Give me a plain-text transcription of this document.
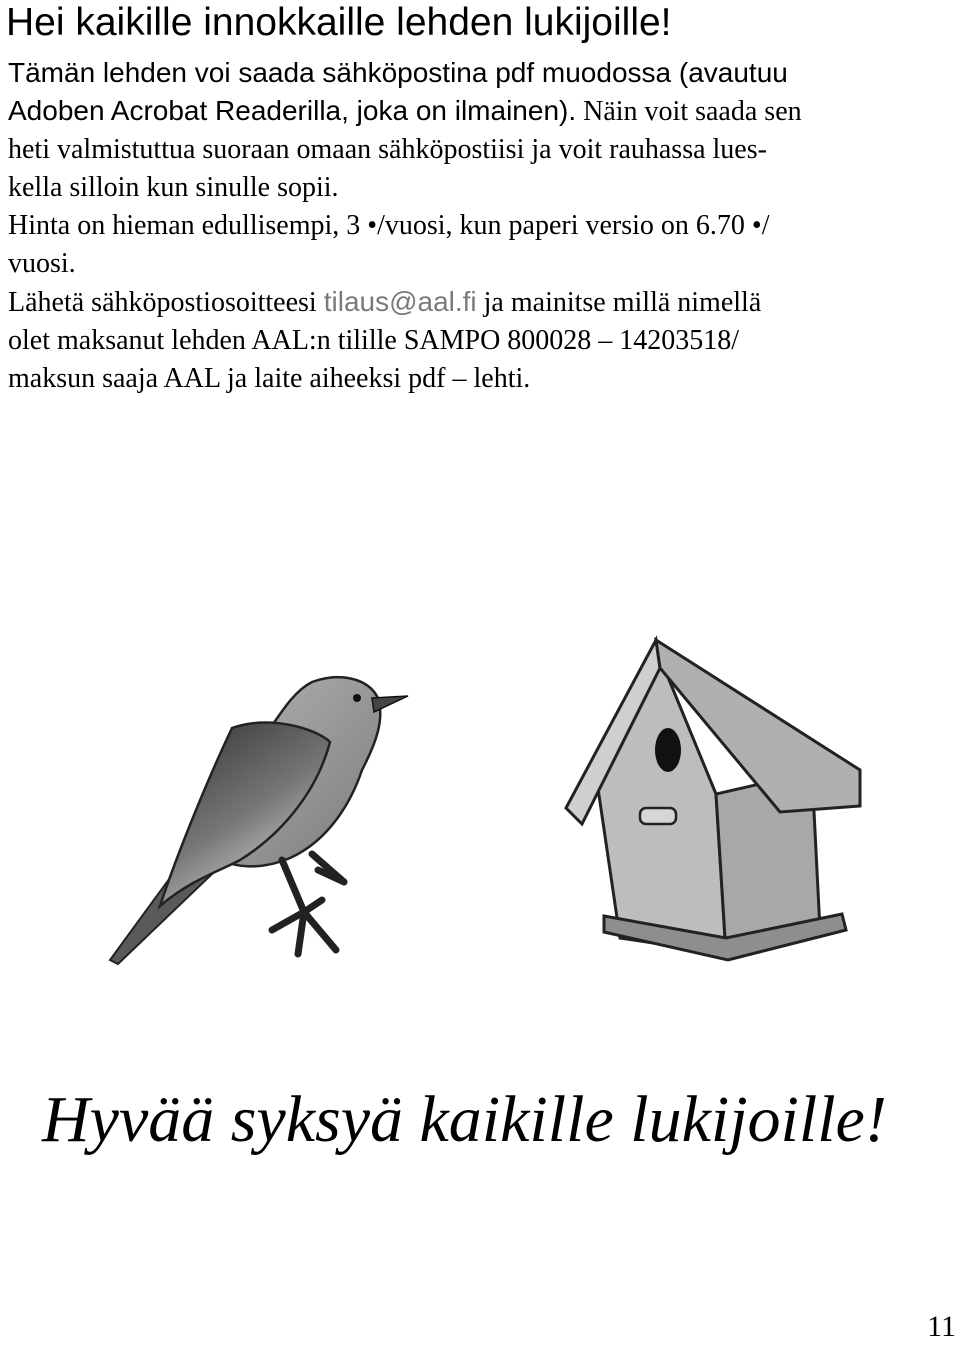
Hei kaikille innokkaille lehden lukijoille!
Tämän lehden voi saada sähköpostina pdf muodossa (avautuu
Adoben Acrobat Readerilla, joka on ilmainen). Näin voit saada sen
heti valmistuttua suoraan omaan sähköpostiisi ja voit rauhassa lues-
kella silloin kun sinulle sopii.
Hinta on hieman edullisempi, 3 •/vuosi, kun paperi versio on 6.70 •/
vuosi.
Lähetä sähköpostiosoitteesi tilaus@aal.fi ja mainitse millä nimellä
olet maksanut lehden AAL:n tilille SAMPO 800028 – 14203518/
maksun saaja AAL ja laite aiheeksi pdf – lehti.
Hyvää syksyä kaikille lukijoille!
11
